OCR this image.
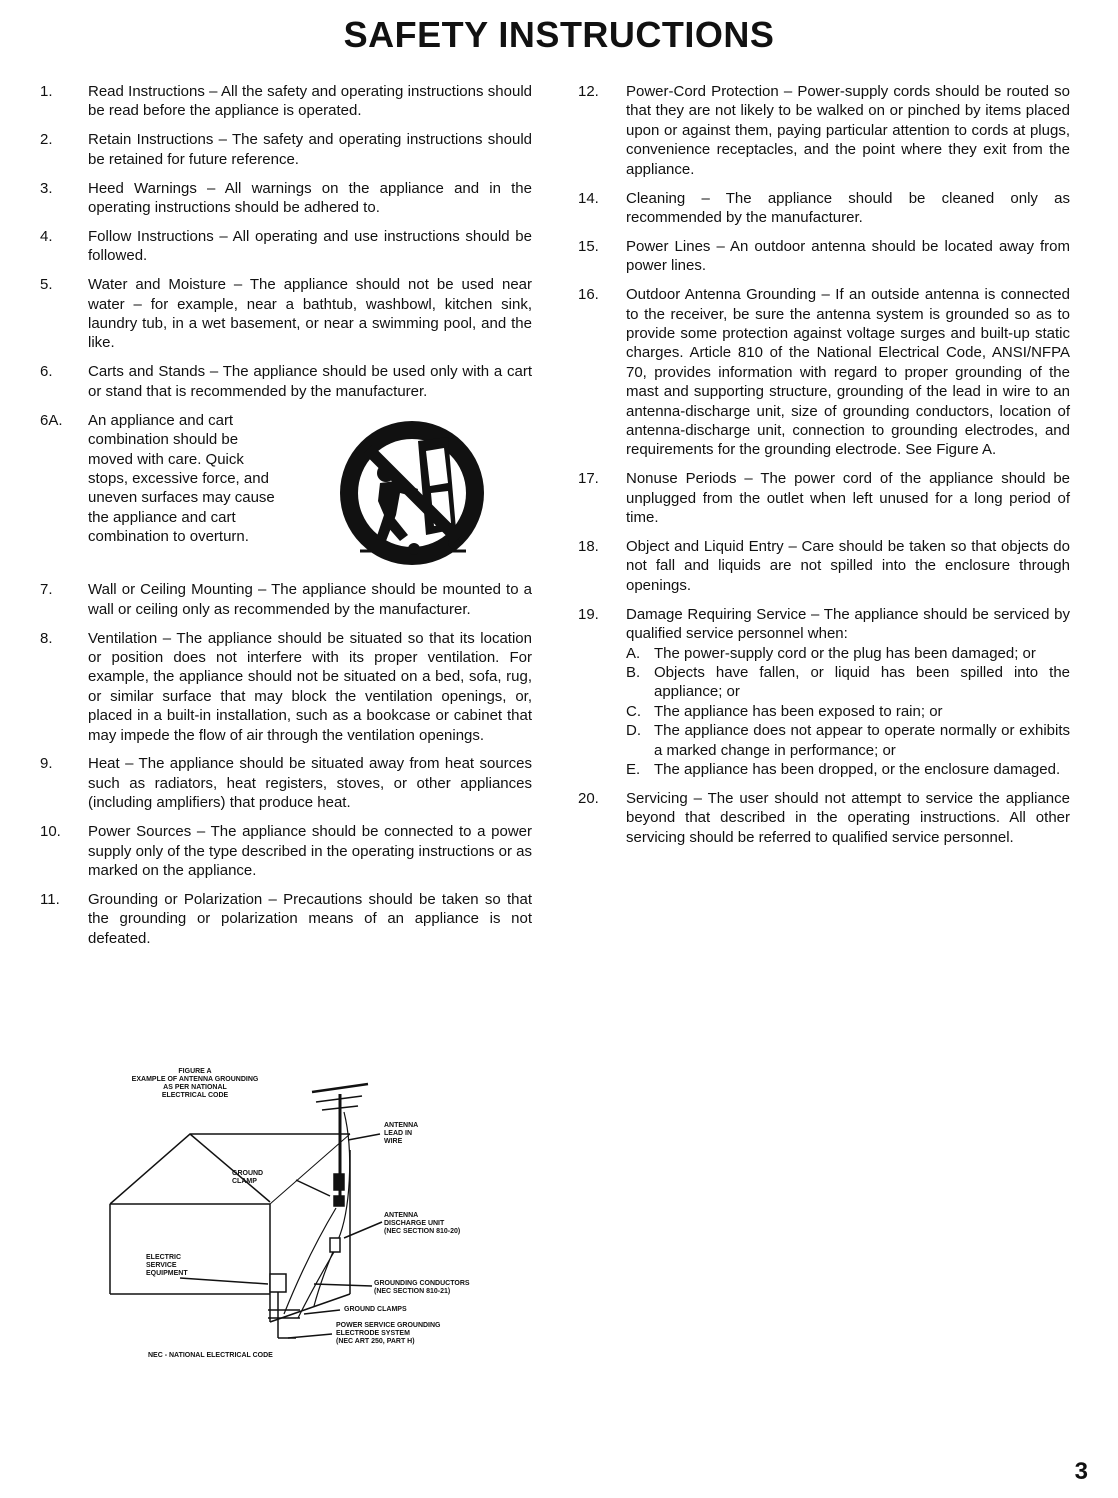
SAFETY INSTRUCTIONS
1.	Read Instructions – All the safety and operating instructions should be read before the appliance is operated.
2.	Retain Instructions – The safety and operating instructions should be retained for future reference.
3.	Heed Warnings – All warnings on the appliance and in the operating instructions should be adhered to.
4.	Follow Instructions – All operating and use instructions should be followed.
5.	Water and Moisture – The appliance should not be used near water – for example, near a bathtub, washbowl, kitchen sink, laundry tub, in a wet basement, or near a swimming pool, and the like.
6.	Carts and Stands – The appliance should be used only with a cart or stand that is recommended by the manufacturer.
6A.	An appliance and cart combination should be moved with care. Quick stops, excessive force, and uneven surfaces may cause the appliance and cart combination to overturn.
7.	Wall or Ceiling Mounting – The appliance should be mounted to a wall or ceiling only as recommended by the manufacturer.
8.	Ventilation – The appliance should be situated so that its location or position does not interfere with its proper ventilation. For example, the appliance should not be situated on a bed, sofa, rug, or similar surface that may block the ventilation openings, or, placed in a built-in installation, such as a bookcase or cabinet that may impede the flow of air through the ventilation openings.
9.	Heat – The appliance should be situated away from heat sources such as radiators, heat registers, stoves, or other appliances (including amplifiers) that produce heat.
10.	Power Sources – The appliance should be connected to a power supply only of the type described in the operating instructions or as marked on the appliance.
11.	Grounding or Polarization – Precautions should be taken so that the grounding or polarization means of an appliance is not defeated.
12.	Power-Cord Protection – Power-supply cords should be routed so that they are not likely to be walked on or pinched by items placed upon or against them, paying particular attention to cords at plugs, convenience receptacles, and the point where they exit from the appliance.
14.	Cleaning – The appliance should be cleaned only as recommended by the manufacturer.
15.	Power Lines – An outdoor antenna should be located away from power lines.
16.	Outdoor Antenna Grounding – If an outside antenna is connected to the receiver, be sure the antenna system is grounded so as to provide some protection against voltage surges and built-up static charges. Article 810 of the National Electrical Code, ANSI/NFPA 70, provides information with regard to proper grounding of the mast and supporting structure, grounding of the lead in wire to an antenna-discharge unit, size of grounding conductors, location of antenna-discharge unit, connection to grounding electrodes, and requirements for the grounding electrode. See Figure A.
17.	Nonuse Periods – The power cord of the appliance should be unplugged from the outlet when left unused for a long period of time.
18.	Object and Liquid Entry – Care should be taken so that objects do not fall and liquids are not spilled into the enclosure through openings.
19.	Damage Requiring Service – The appliance should be serviced by qualified service personnel when:
A. The power-supply cord or the plug has been damaged; or
B. Objects have fallen, or liquid has been spilled into the appliance; or
C. The appliance has been exposed to rain; or
D. The appliance does not appear to operate normally or exhibits a marked change in performance; or
E. The appliance has been dropped, or the enclosure damaged.
20.	Servicing – The user should not attempt to service the appliance beyond that described in the operating instructions. All other servicing should be referred to qualified service personnel.
FIGURE A
EXAMPLE OF ANTENNA GROUNDING
AS PER NATIONAL
ELECTRICAL CODE
ANTENNA
LEAD IN
WIRE
GROUND
CLAMP
ANTENNA
DISCHARGE UNIT
(NEC SECTION 810-20)
ELECTRIC
SERVICE
EQUIPMENT
GROUNDING CONDUCTORS
(NEC SECTION 810-21)
GROUND CLAMPS
POWER SERVICE GROUNDING
ELECTRODE SYSTEM
(NEC ART 250, PART H)
NEC - NATIONAL ELECTRICAL CODE
3
